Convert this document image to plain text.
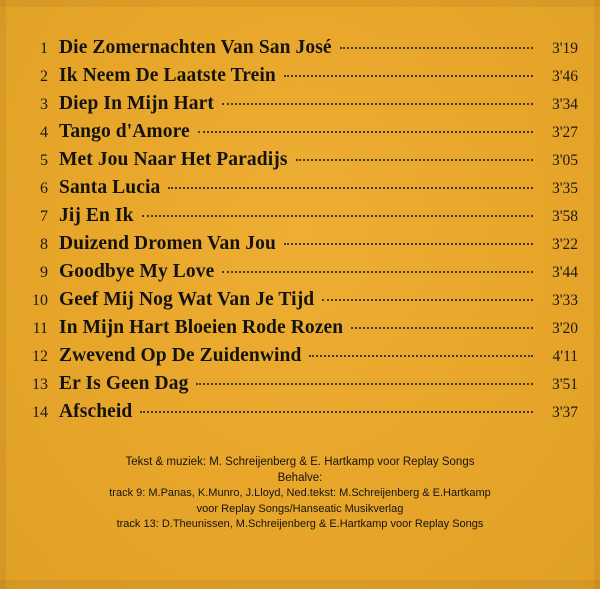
1 Die Zomernachten Van San José	3'19
2 Ik Neem De Laatste Trein	3'46
3 Diep In Mijn Hart	3'34
4 Tango d'Amore	3'27
5 Met Jou Naar Het Paradijs	3'05
6 Santa Lucia	3'35
7 Jij En Ik	3'58
8 Duizend Dromen Van Jou	3'22
9 Goodbye My Love	3'44
10 Geef Mij Nog Wat Van Je Tijd	3'33
11 In Mijn Hart Bloeien Rode Rozen	3'20
12 Zwevend Op De Zuidenwind	4'11
13 Er Is Geen Dag	3'51
14 Afscheid	3'37
Tekst & muziek: M. Schreijenberg & E. Hartkamp voor Replay Songs
Behalve:
track 9: M.Panas, K.Munro, J.Lloyd, Ned.tekst: M.Schreijenberg & E.Hartkamp
voor Replay Songs/Hanseatic Musikverlag
track 13: D.Theunissen, M.Schreijenberg & E.Hartkamp voor Replay Songs
